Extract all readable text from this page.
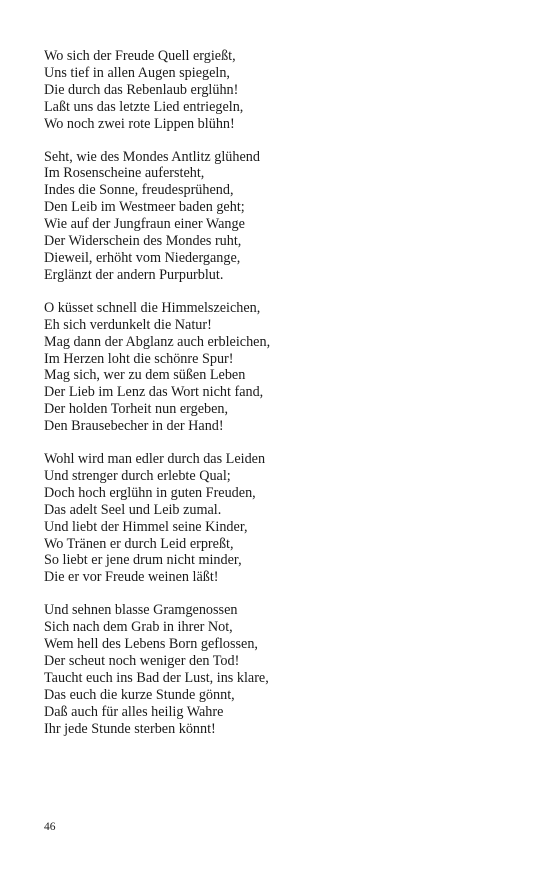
Wo sich der Freude Quell ergießt,
Uns tief in allen Augen spiegeln,
Die durch das Rebenlaub erglühn!
Laßt uns das letzte Lied entriegeln,
Wo noch zwei rote Lippen blühn!
Seht, wie des Mondes Antlitz glühend
Im Rosenscheine aufersteht,
Indes die Sonne, freudesprühend,
Den Leib im Westmeer baden geht;
Wie auf der Jungfraun einer Wange
Der Widerschein des Mondes ruht,
Dieweil, erhöht vom Niedergange,
Erglänzt der andern Purpurblut.
O küsset schnell die Himmelszeichen,
Eh sich verdunkelt die Natur!
Mag dann der Abglanz auch erbleichen,
Im Herzen loht die schönre Spur!
Mag sich, wer zu dem süßen Leben
Der Lieb im Lenz das Wort nicht fand,
Der holden Torheit nun ergeben,
Den Brausebecher in der Hand!
Wohl wird man edler durch das Leiden
Und strenger durch erlebte Qual;
Doch hoch erglühn in guten Freuden,
Das adelt Seel und Leib zumal.
Und liebt der Himmel seine Kinder,
Wo Tränen er durch Leid erpreßt,
So liebt er jene drum nicht minder,
Die er vor Freude weinen läßt!
Und sehnen blasse Gramgenossen
Sich nach dem Grab in ihrer Not,
Wem hell des Lebens Born geflossen,
Der scheut noch weniger den Tod!
Taucht euch ins Bad der Lust, ins klare,
Das euch die kurze Stunde gönnt,
Daß auch für alles heilig Wahre
Ihr jede Stunde sterben könnt!
46
